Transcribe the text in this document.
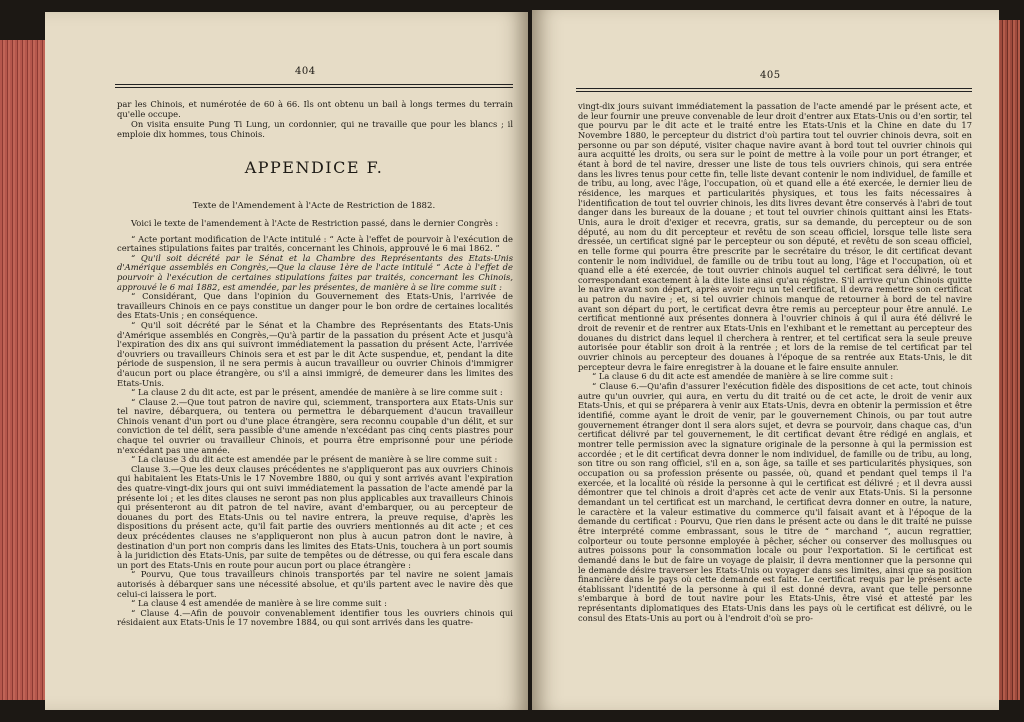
404

par les Chinois, et numérotée de 60 à 66. Ils ont obtenu un bail à longs termes du terrain qu'elle occupe.

On visita ensuite Pung Ti Lung, un cordonnier, qui ne travaille que pour les blancs ; il emploie dix hommes, tous Chinois.

APPENDICE F.
Texte de l'Amendement à l'Acte de Restriction de 1882.

Voici le texte de l'amendement à l'Acte de Restriction passé, dans le dernier Congrès :

“ Acte portant modification de l'Acte intitulé : “ Acte à l'effet de pourvoir à l'exécution de certaines stipulations faites par traités, concernant les Chinois, approuvé le 6 mai 1862. ”

“ Qu'il soit décrété par le Sénat et la Chambre des Représentants des Etats-Unis d'Amérique assemblés en Congrès,—Que la clause 1ère de l'acte intitulé “ Acte à l'effet de pourvoir à l'exécution de certaines stipulations faites par traités, concernant les Chinois, approuvé le 6 mai 1882, est amendée, par les présentes, de manière à se lire comme suit :

“ Considérant, Que dans l'opinion du Gouvernement des Etats-Unis, l'arrivée de travailleurs Chinois en ce pays constitue un danger pour le bon ordre de certaines localités des Etats-Unis ; en conséquence.

“ Qu'il soit décrété par le Sénat et la Chambre des Représentants des Etats-Unis d'Amérique assemblés en Congrès,—Qu'à partir de la passation du présent Acte et jusqu'à l'expiration des dix ans qui suivront immédiatement la passation du présent Acte, l'arrivée d'ouvriers ou travailleurs Chinois sera et est par le dit Acte suspendue, et, pendant la dite période de suspension, il ne sera permis à aucun travailleur ou ouvrier Chinois d'immigrer d'aucun port ou place étrangère, ou s'il a ainsi immigré, de demeurer dans les limites des Etats-Unis.

“ La clause 2 du dit acte, est par le présent, amendée de manière à se lire comme suit :

“ Clause 2.—Que tout patron de navire qui, sciemment, transportera aux Etats-Unis sur tel navire, débarquera, ou tentera ou permettra le débarquement d'aucun travailleur Chinois venant d'un port ou d'une place étrangère, sera reconnu coupable d'un délit, et sur conviction de tel délit, sera passible d'une amende n'excédant pas cinq cents piastres pour chaque tel ouvrier ou travailleur Chinois, et pourra être emprisonné pour une période n'excédant pas une année.

“ La clause 3 du dit acte est amendée par le présent de manière à se lire comme suit :

Clause 3.—Que les deux clauses précédentes ne s'appliqueront pas aux ouvriers Chinois qui habitaient les Etats-Unis le 17 Novembre 1880, ou qui y sont arrivés avant l'expiration des quatre-vingt-dix jours qui ont suivi immédiatement la passation de l'acte amendé par la présente loi ; et les dites clauses ne seront pas non plus applicables aux travailleurs Chinois qui présenteront au dit patron de tel navire, avant d'embarquer, ou au percepteur de douanes du port des Etats-Unis ou tel navire entrera, la preuve requise, d'après les dispositions du présent acte, qu'il fait partie des ouvriers mentionnés au dit acte ; et ces deux précédentes clauses ne s'appliqueront non plus à aucun patron dont le navire, à destination d'un port non compris dans les limites des Etats-Unis, touchera à un port soumis à la juridiction des Etats-Unis, par suite de tempêtes ou de détresse, ou qui fera escale dans un port des Etats-Unis en route pour aucun port ou place étrangère :

“ Pourvu, Que tous travailleurs chinois transportés par tel navire ne soient jamais autorisés à débarquer sans une nécessité absolue, et qu'ils partent avec le navire dès que celui-ci laissera le port.

“ La clause 4 est amendée de manière à se lire comme suit :

“ Clause 4.—Afin de pouvoir convenablement identifier tous les ouvriers chinois qui résidaient aux Etats-Unis le 17 novembre 1884, ou qui sont arrivés dans les quatre-

405

vingt-dix jours suivant immédiatement la passation de l'acte amendé par le présent acte, et de leur fournir une preuve convenable de leur droit d'entrer aux Etats-Unis ou d'en sortir, tel que pourvu par le dit acte et le traité entre les Etats-Unis et la Chine en date du 17 Novembre 1880, le percepteur du district d'où partira tout tel ouvrier chinois devra, soit en personne ou par son député, visiter chaque navire avant à bord tout tel ouvrier chinois qui aura acquitté les droits, ou sera sur le point de mettre à la voile pour un port étranger, et étant à bord de tel navire, dresser une liste de tous tels ouvriers chinois, qui sera entrée dans les livres tenus pour cette fin, telle liste devant contenir le nom individuel, de famille et de tribu, au long, avec l'âge, l'occupation, où et quand elle a été exercée, le dernier lieu de résidence, les marques et particularités physiques, et tous les faits nécessaires à l'identification de tout tel ouvrier chinois, les dits livres devant être conservés à l'abri de tout danger dans les bureaux de la douane ; et tout tel ouvrier chinois quittant ainsi les Etats-Unis, aura le droit d'exiger et recevra, gratis, sur sa demande, du percepteur ou de son député, au nom du dit percepteur et revêtu de son sceau officiel, lorsque telle liste sera dressée, un certificat signé par le percepteur ou son député, et revêtu de son sceau officiel, en telle forme qui pourra être prescrite par le secrétaire du trésor, le dit certificat devant contenir le nom individuel, de famille ou de tribu tout au long, l'âge et l'occupation, où et quand elle a été exercée, de tout ouvrier chinois auquel tel certificat sera délivré, le tout correspondant exactement à la dite liste ainsi qu'au régistre. S'il arrive qu'un Chinois quitte le navire avant son départ, après avoir reçu un tel certificat, il devra remettre son certificat au patron du navire ; et, si tel ouvrier chinois manque de retourner à bord de tel navire avant son départ du port, le certificat devra être remis au percepteur pour être annulé. Le certificat mentionné aux présentes donnera à l'ouvrier chinois à qui il aura été délivré le droit de revenir et de rentrer aux Etats-Unis en l'exhibant et le remettant au percepteur des douanes du district dans lequel il cherchera à rentrer, et tel certificat sera la seule preuve autorisée pour établir son droit à la rentrée ; et lors de la remise de tel certificat par tel ouvrier chinois au percepteur des douanes à l'époque de sa rentrée aux Etats-Unis, le dit percepteur devra le faire enregistrer à la douane et le faire ensuite annuler.

“ La clause 6 du dit acte est amendée de manière à se lire comme suit :

“ Clause 6.—Qu'afin d'assurer l'exécution fidèle des dispositions de cet acte, tout chinois autre qu'un ouvrier, qui aura, en vertu du dit traité ou de cet acte, le droit de venir aux Etats-Unis, et qui se préparera à venir aux Etats-Unis, devra en obtenir la permission et être identifié, comme ayant le droit de venir, par le gouvernement Chinois, ou par tout autre gouvernement étranger dont il sera alors sujet, et devra se pourvoir, dans chaque cas, d'un certificat délivré par tel gouvernement, le dit certificat devant être rédigé en anglais, et montrer telle permission avec la signature originale de la personne à qui la permission est accordée ; et le dit certificat devra donner le nom individuel, de famille ou de tribu, au long, son titre ou son rang officiel, s'il en a, son âge, sa taille et ses particularités physiques, son occupation ou sa profession présente ou passée, où, quand et pendant quel temps il l'a exercée, et la localité où réside la personne à qui le certificat est délivré ; et il devra aussi démontrer que tel chinois a droit d'après cet acte de venir aux Etats-Unis. Si la personne demandant un tel certificat est un marchand, le certificat devra donner en outre, la nature, le caractère et la valeur estimative du commerce qu'il faisait avant et à l'époque de la demande du certificat : Pourvu, Que rien dans le présent acte ou dans le dit traité ne puisse être interprété comme embrassant, sous le titre de “ marchand ”, aucun regrattier, colporteur ou toute personne employée à pêcher, sécher ou conserver des mollusques ou autres poissons pour la consommation locale ou pour l'exportation. Si le certificat est demandé dans le but de faire un voyage de plaisir, il devra mentionner que la personne qui le demande désire traverser les Etats-Unis ou voyager dans ses limites, ainsi que sa position financière dans le pays où cette demande est faite. Le certificat requis par le présent acte établissant l'identité de la personne à qui il est donné devra, avant que telle personne s'embarque à bord de tout navire pour les Etats-Unis, être visé et attesté par les représentants diplomatiques des Etats-Unis dans les pays où le certificat est délivré, ou le consul des Etats-Unis au port ou à l'endroit d'où se pro-
